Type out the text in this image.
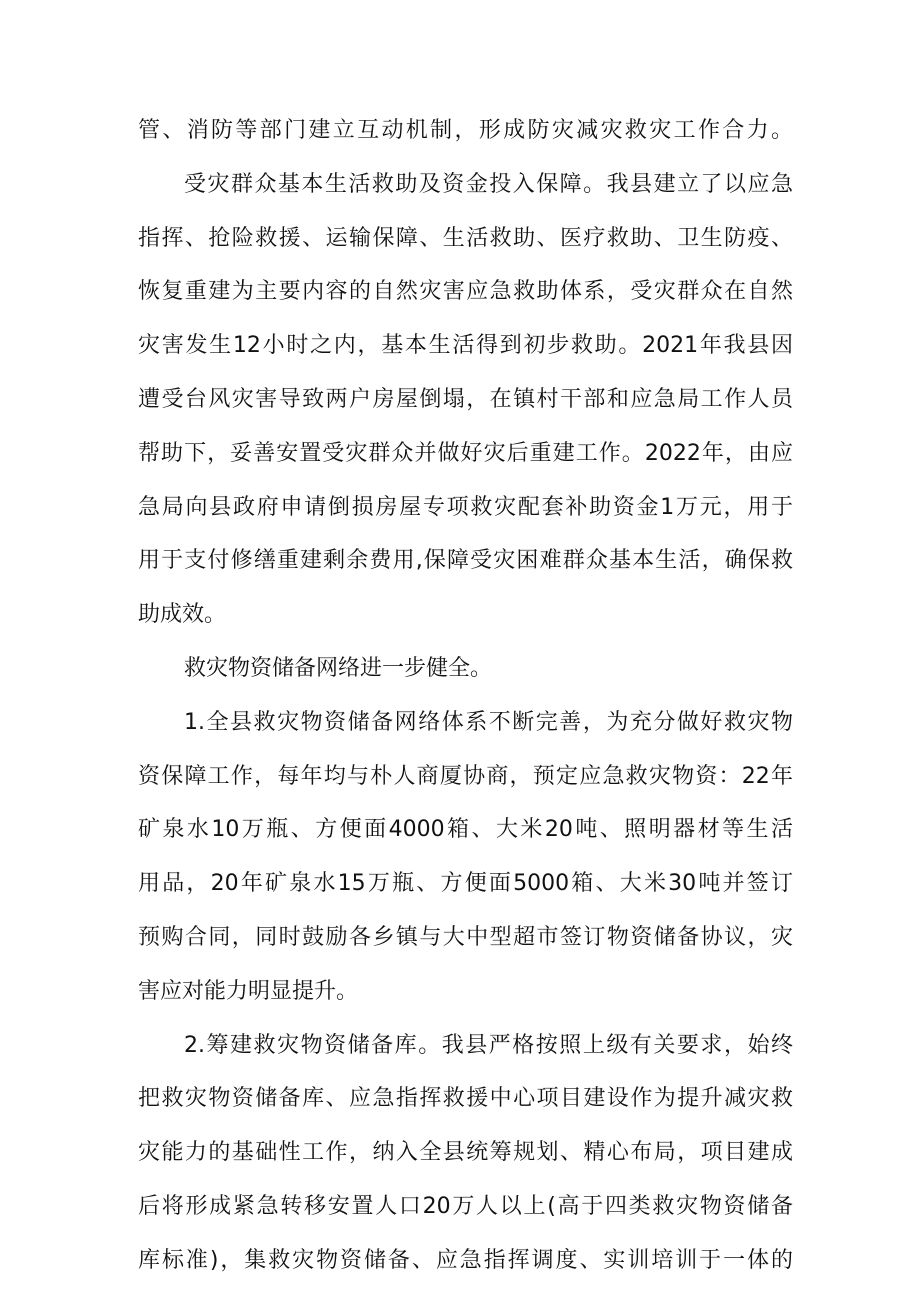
管、消防等部门建立互动机制，形成防灾减灾救灾工作合力。
受灾群众基本生活救助及资金投入保障。我县建立了以应急
指挥、抢险救援、运输保障、生活救助、医疗救助、卫生防疫、
恢复重建为主要内容的自然灾害应急救助体系，受灾群众在自然
灾害发生12小时之内，基本生活得到初步救助。2021年我县因
遭受台风灾害导致两户房屋倒塌，在镇村干部和应急局工作人员
帮助下，妥善安置受灾群众并做好灾后重建工作。2022年，由应
急局向县政府申请倒损房屋专项救灾配套补助资金1万元，用于
用于支付修缮重建剩余费用,保障受灾困难群众基本生活，确保救
助成效。
救灾物资储备网络进一步健全。
1.全县救灾物资储备网络体系不断完善，为充分做好救灾物
资保障工作，每年均与朴人商厦协商，预定应急救灾物资：22年
矿泉水10万瓶、方便面4000箱、大米20吨、照明器材等生活
用品，20年矿泉水15万瓶、方便面5000箱、大米30吨并签订
预购合同，同时鼓励各乡镇与大中型超市签订物资储备协议，灾
害应对能力明显提升。
2.筹建救灾物资储备库。我县严格按照上级有关要求，始终
把救灾物资储备库、应急指挥救援中心项目建设作为提升减灾救
灾能力的基础性工作，纳入全县统筹规划、精心布局，项目建成
后将形成紧急转移安置人口20万人以上(高于四类救灾物资储备
库标准)，集救灾物资储备、应急指挥调度、实训培训于一体的
